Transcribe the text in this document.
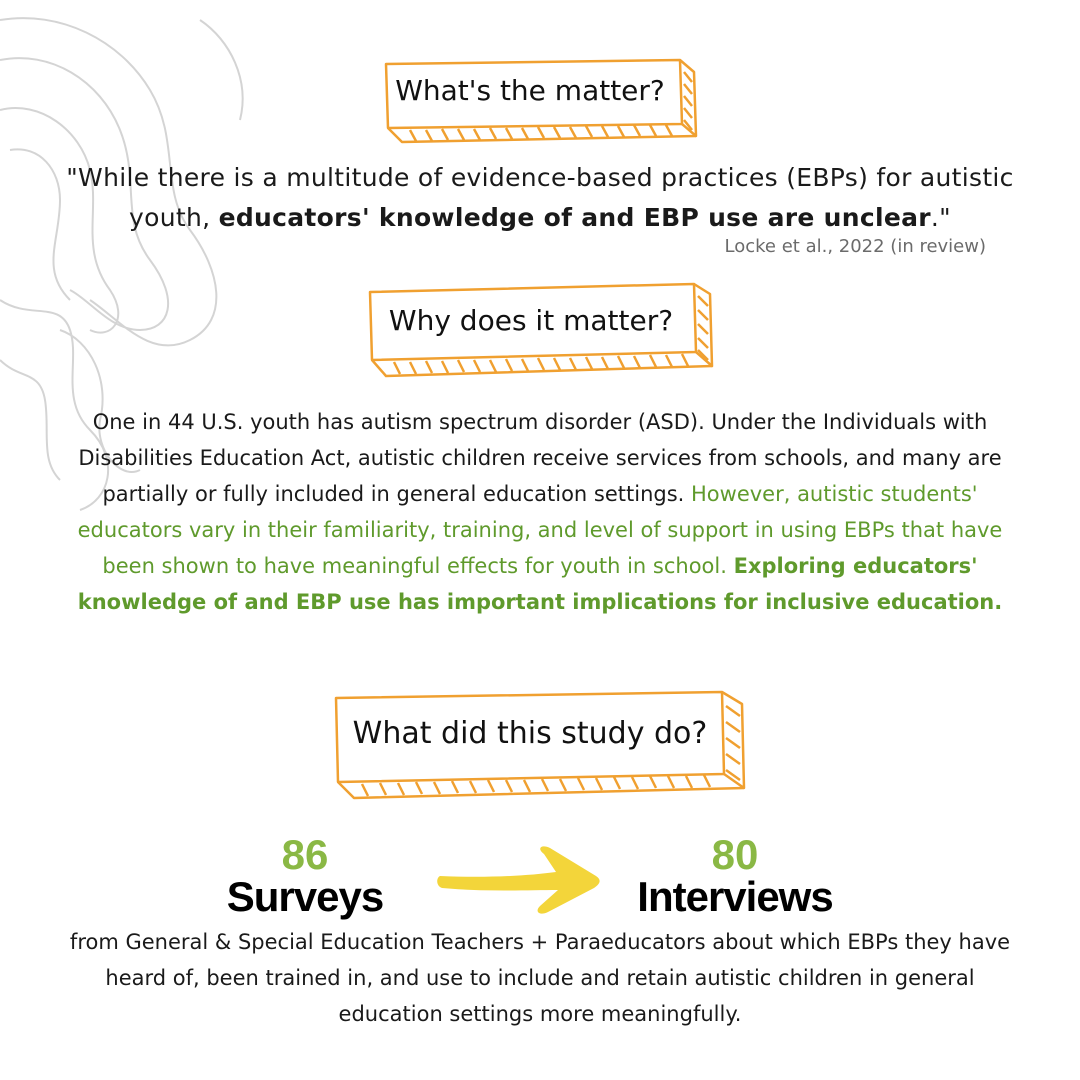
What's the matter?
"While there is a multitude of evidence-based practices (EBPs) for autistic youth, educators' knowledge of and EBP use are unclear."
Locke et al., 2022 (in review)
Why does it matter?
One in 44 U.S. youth has autism spectrum disorder (ASD). Under the Individuals with Disabilities Education Act, autistic children receive services from schools, and many are partially or fully included in general education settings. However, autistic students' educators vary in their familiarity, training, and level of support in using EBPs that have been shown to have meaningful effects for youth in school. Exploring educators' knowledge of and EBP use has important implications for inclusive education.
What did this study do?
86
Surveys
80
Interviews
from General & Special Education Teachers + Paraeducators about which EBPs they have heard of, been trained in, and use to include and retain autistic children in general education settings more meaningfully.
